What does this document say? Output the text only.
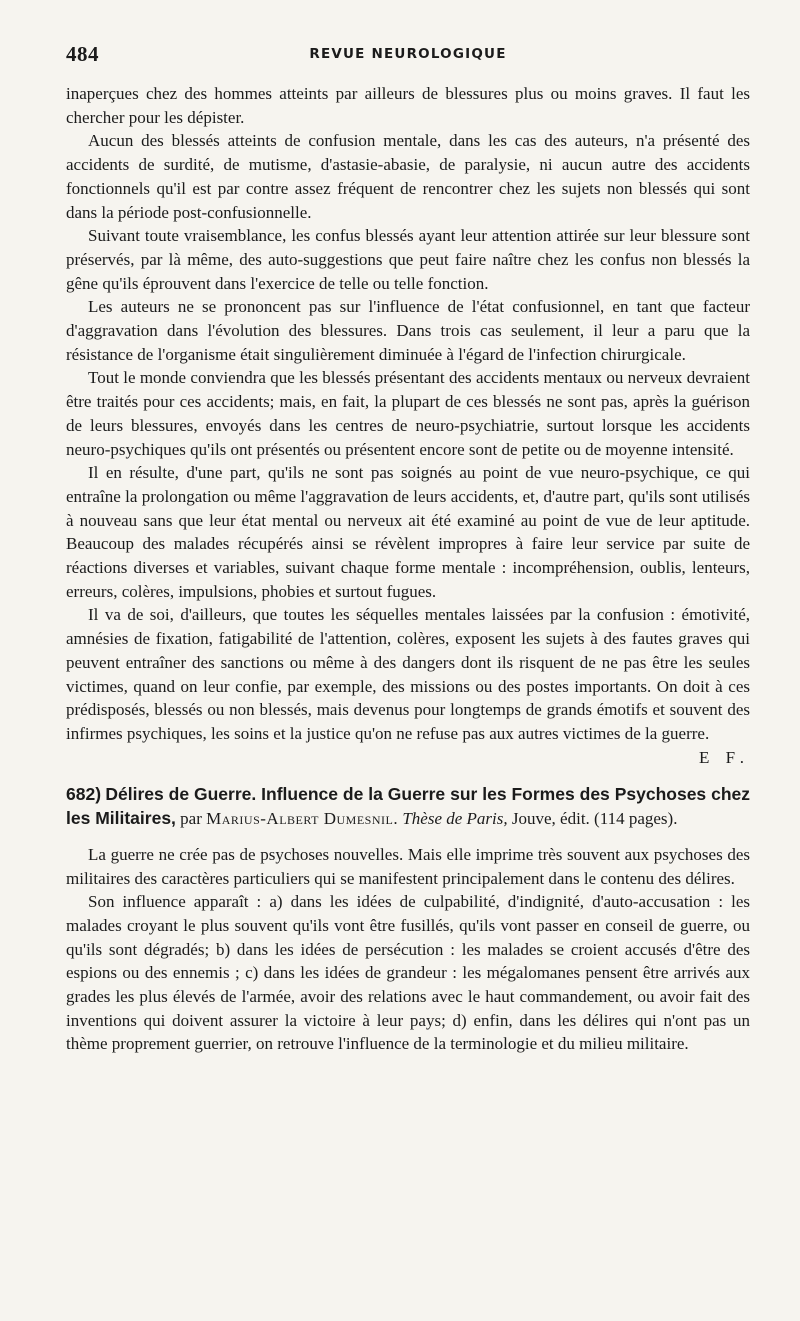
484	REVUE NEUROLOGIQUE

inaperçues chez des hommes atteints par ailleurs de blessures plus ou moins graves. Il faut les chercher pour les dépister.

Aucun des blessés atteints de confusion mentale, dans les cas des auteurs, n'a présenté des accidents de surdité, de mutisme, d'astasie-abasie, de paralysie, ni aucun autre des accidents fonctionnels qu'il est par contre assez fréquent de rencontrer chez les sujets non blessés qui sont dans la période post-confusionnelle.

Suivant toute vraisemblance, les confus blessés ayant leur attention attirée sur leur blessure sont préservés, par là même, des auto-suggestions que peut faire naître chez les confus non blessés la gêne qu'ils éprouvent dans l'exercice de telle ou telle fonction.

Les auteurs ne se prononcent pas sur l'influence de l'état confusionnel, en tant que facteur d'aggravation dans l'évolution des blessures. Dans trois cas seulement, il leur a paru que la résistance de l'organisme était singulièrement diminuée à l'égard de l'infection chirurgicale.

Tout le monde conviendra que les blessés présentant des accidents mentaux ou nerveux devraient être traités pour ces accidents; mais, en fait, la plupart de ces blessés ne sont pas, après la guérison de leurs blessures, envoyés dans les centres de neuro-psychiatrie, surtout lorsque les accidents neuro-psychiques qu'ils ont présentés ou présentent encore sont de petite ou de moyenne intensité.

Il en résulte, d'une part, qu'ils ne sont pas soignés au point de vue neuro-psychique, ce qui entraîne la prolongation ou même l'aggravation de leurs accidents, et, d'autre part, qu'ils sont utilisés à nouveau sans que leur état mental ou nerveux ait été examiné au point de vue de leur aptitude. Beaucoup des malades récupérés ainsi se révèlent impropres à faire leur service par suite de réactions diverses et variables, suivant chaque forme mentale : incompréhension, oublis, lenteurs, erreurs, colères, impulsions, phobies et surtout fugues.

Il va de soi, d'ailleurs, que toutes les séquelles mentales laissées par la confusion : émotivité, amnésies de fixation, fatigabilité de l'attention, colères, exposent les sujets à des fautes graves qui peuvent entraîner des sanctions ou même à des dangers dont ils risquent de ne pas être les seules victimes, quand on leur confie, par exemple, des missions ou des postes importants. On doit à ces prédisposés, blessés ou non blessés, mais devenus pour longtemps de grands émotifs et souvent des infirmes psychiques, les soins et la justice qu'on ne refuse pas aux autres victimes de la guerre.

E F.
682) Délires de Guerre. Influence de la Guerre sur les Formes des Psychoses chez les Militaires, par Marius-Albert Dumesnil. Thèse de Paris, Jouve, édit. (114 pages).

La guerre ne crée pas de psychoses nouvelles. Mais elle imprime très souvent aux psychoses des militaires des caractères particuliers qui se manifestent principalement dans le contenu des délires.

Son influence apparaît : a) dans les idées de culpabilité, d'indignité, d'auto-accusation : les malades croyant le plus souvent qu'ils vont être fusillés, qu'ils vont passer en conseil de guerre, ou qu'ils sont dégradés; b) dans les idées de persécution : les malades se croient accusés d'être des espions ou des ennemis ; c) dans les idées de grandeur : les mégalomanes pensent être arrivés aux grades les plus élevés de l'armée, avoir des relations avec le haut commandement, ou avoir fait des inventions qui doivent assurer la victoire à leur pays; d) enfin, dans les délires qui n'ont pas un thème proprement guerrier, on retrouve l'influence de la terminologie et du milieu militaire.
